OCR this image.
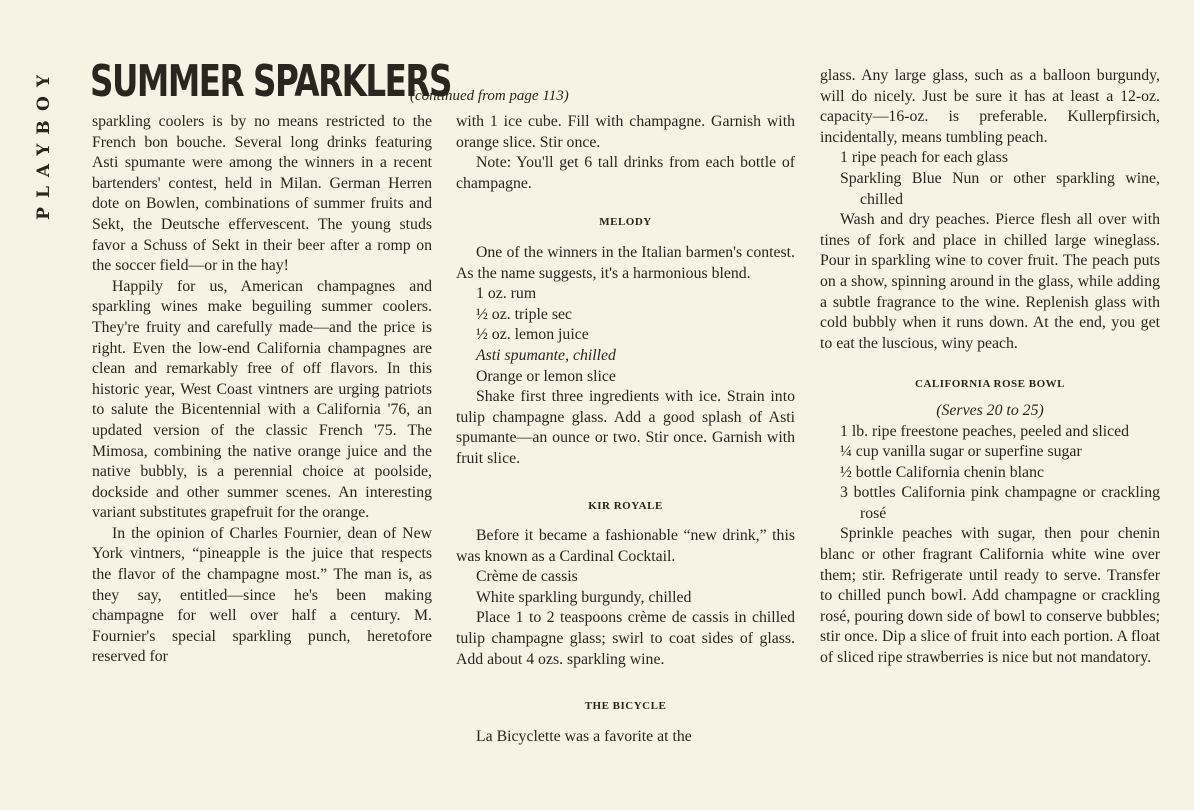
PLAYBOY SUMMER SPARKLERS
(continued from page 113)

sparkling coolers is by no means restricted to the French bon bouche. Several long drinks featuring Asti spumante were among the winners in a recent bartenders' contest, held in Milan. German Herren dote on Bowlen, combinations of summer fruits and Sekt, the Deutsche effervescent. The young studs favor a Schuss of Sekt in their beer after a romp on the soccer field—or in the hay!

Happily for us, American champagnes and sparkling wines make beguiling summer coolers. They're fruity and carefully made—and the price is right. Even the low-end California champagnes are clean and remarkably free of off flavors. In this historic year, West Coast vintners are urging patriots to salute the Bicentennial with a California '76, an updated version of the classic French '75. The Mimosa, combining the native orange juice and the native bubbly, is a perennial choice at poolside, dockside and other summer scenes. An interesting variant substitutes grapefruit for the orange.

In the opinion of Charles Fournier, dean of New York vintners, “pineapple is the juice that respects the flavor of the champagne most.” The man is, as they say, entitled—since he's been making champagne for well over half a century. M. Fournier's special sparkling punch, heretofore reserved for

with 1 ice cube. Fill with champagne. Garnish with orange slice. Stir once.

Note: You'll get 6 tall drinks from each bottle of champagne.

MELODY

One of the winners in the Italian barmen's contest. As the name suggests, it's a harmonious blend.

1 oz. rum

½ oz. triple sec

½ oz. lemon juice

Asti spumante, chilled

Orange or lemon slice

Shake first three ingredients with ice. Strain into tulip champagne glass. Add a good splash of Asti spumante—an ounce or two. Stir once. Garnish with fruit slice.

KIR ROYALE

Before it became a fashionable “new drink,” this was known as a Cardinal Cocktail.

Crème de cassis

White sparkling burgundy, chilled

Place 1 to 2 teaspoons crème de cassis in chilled tulip champagne glass; swirl to coat sides of glass. Add about 4 ozs. sparkling wine.

THE BICYCLE

La Bicyclette was a favorite at the

glass. Any large glass, such as a balloon burgundy, will do nicely. Just be sure it has at least a 12-oz. capacity—16-oz. is preferable. Kullerpfirsich, incidentally, means tumbling peach.

1 ripe peach for each glass

Sparkling Blue Nun or other sparkling wine, chilled

Wash and dry peaches. Pierce flesh all over with tines of fork and place in chilled large wineglass. Pour in sparkling wine to cover fruit. The peach puts on a show, spinning around in the glass, while adding a subtle fragrance to the wine. Replenish glass with cold bubbly when it runs down. At the end, you get to eat the luscious, winy peach.

CALIFORNIA ROSE BOWL

(Serves 20 to 25)

1 lb. ripe freestone peaches, peeled and sliced

¼ cup vanilla sugar or superfine sugar

½ bottle California chenin blanc

3 bottles California pink champagne or crackling rosé

Sprinkle peaches with sugar, then pour chenin blanc or other fragrant California white wine over them; stir. Refrigerate until ready to serve. Transfer to chilled punch bowl. Add champagne or crackling rosé, pouring down side of bowl to conserve bubbles; stir once. Dip a slice of fruit into each portion. A float of sliced ripe strawberries is nice but not mandatory.
